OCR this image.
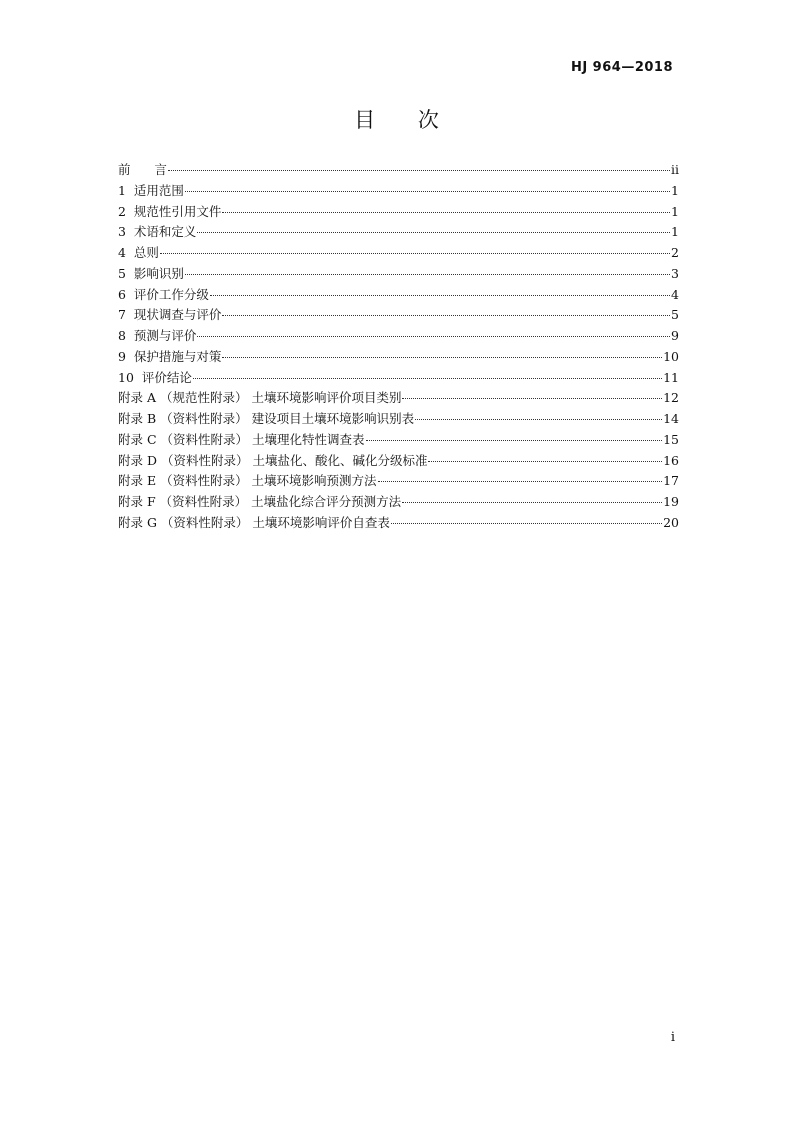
HJ 964—2018
目 次
前      言	ii
1  适用范围	1
2  规范性引用文件	1
3  术语和定义	1
4  总则	2
5  影响识别	3
6  评价工作分级	4
7  现状调查与评价	5
8  预测与评价	9
9  保护措施与对策	10
10  评价结论	11
附录 A （规范性附录） 土壤环境影响评价项目类别	12
附录 B （资料性附录） 建设项目土壤环境影响识别表	14
附录 C （资料性附录） 土壤理化特性调查表	15
附录 D （资料性附录） 土壤盐化、酸化、碱化分级标准	16
附录 E （资料性附录） 土壤环境影响预测方法	17
附录 F （资料性附录） 土壤盐化综合评分预测方法	19
附录 G （资料性附录） 土壤环境影响评价自查表	20
i
